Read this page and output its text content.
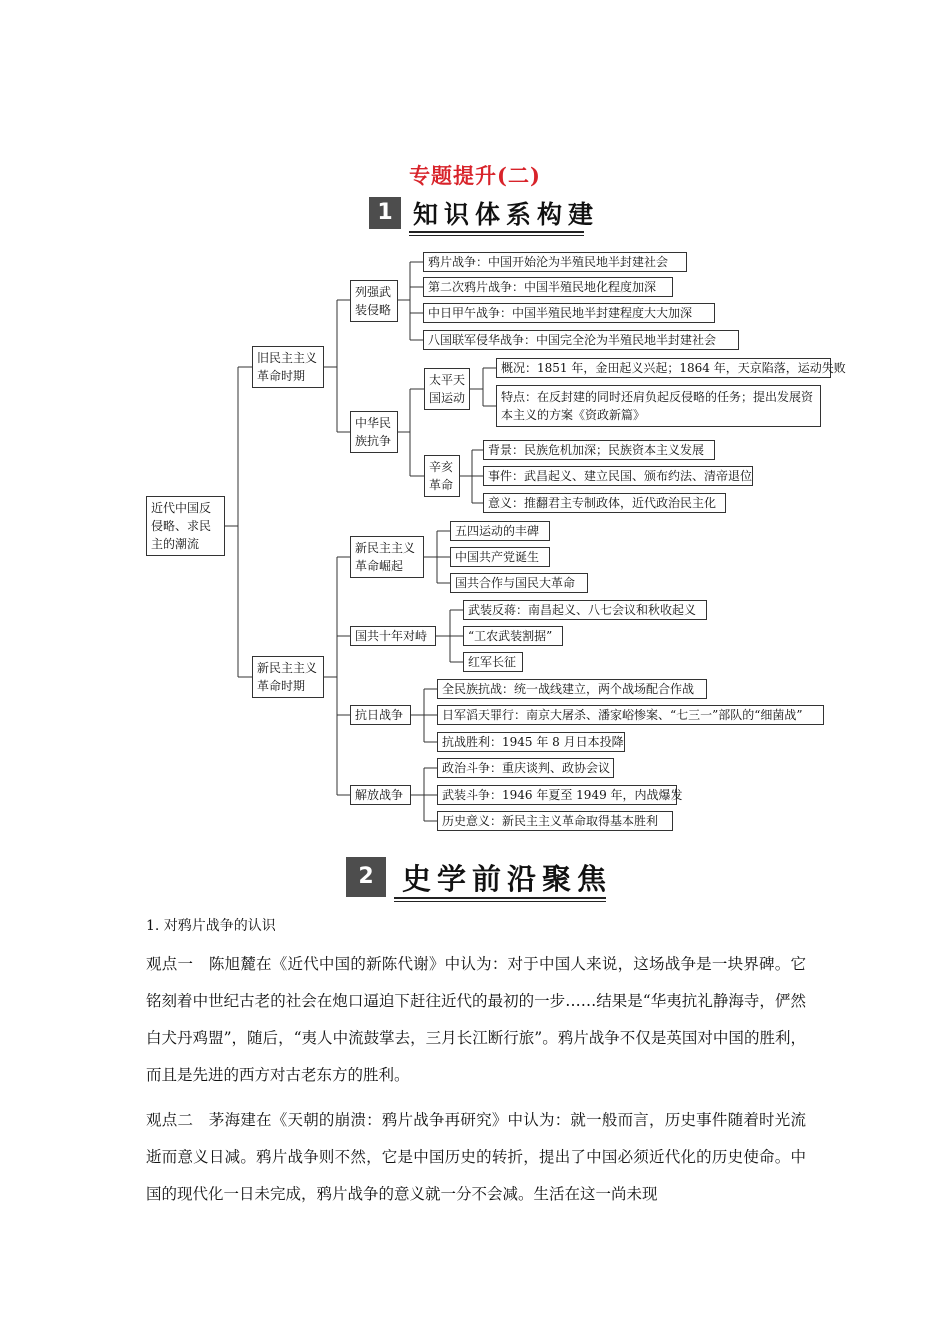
专题提升(二)
1 知识体系构建
近代中国反侵略、求民主的潮流
旧民主主义革命时期
列强武装侵略
鸦片战争：中国开始沦为半殖民地半封建社会
第二次鸦片战争：中国半殖民地化程度加深
中日甲午战争：中国半殖民地半封建程度大大加深
八国联军侵华战争：中国完全沦为半殖民地半封建社会
中华民族抗争
太平天国运动
概况：1851 年，金田起义兴起；1864 年，天京陷落，运动失败
特点：在反封建的同时还肩负起反侵略的任务；提出发展资本主义的方案《资政新篇》
辛亥革命
背景：民族危机加深；民族资本主义发展
事件：武昌起义、建立民国、颁布约法、清帝退位
意义：推翻君主专制政体，近代政治民主化
新民主主义革命时期
新民主主义革命崛起
五四运动的丰碑
中国共产党诞生
国共合作与国民大革命
国共十年对峙
武装反蒋：南昌起义、八七会议和秋收起义
“工农武装割据”
红军长征
抗日战争
全民族抗战：统一战线建立，两个战场配合作战
日军滔天罪行：南京大屠杀、潘家峪惨案、“七三一”部队的“细菌战”
抗战胜利：1945 年 8 月日本投降
解放战争
政治斗争：重庆谈判、政协会议
武装斗争：1946 年夏至 1949 年，内战爆发
历史意义：新民主主义革命取得基本胜利
2 史学前沿聚焦
1. 对鸦片战争的认识
观点一　陈旭麓在《近代中国的新陈代谢》中认为：对于中国人来说，这场战争是一块界碑。它铭刻着中世纪古老的社会在炮口逼迫下赶往近代的最初的一步……结果是“华夷抗礼静海寺，俨然白犬丹鸡盟”，随后，“夷人中流鼓掌去，三月长江断行旅”。鸦片战争不仅是英国对中国的胜利，而且是先进的西方对古老东方的胜利。
观点二　茅海建在《天朝的崩溃：鸦片战争再研究》中认为：就一般而言，历史事件随着时光流逝而意义日减。鸦片战争则不然，它是中国历史的转折，提出了中国必须近代化的历史使命。中国的现代化一日未完成，鸦片战争的意义就一分不会减。生活在这一尚未现
